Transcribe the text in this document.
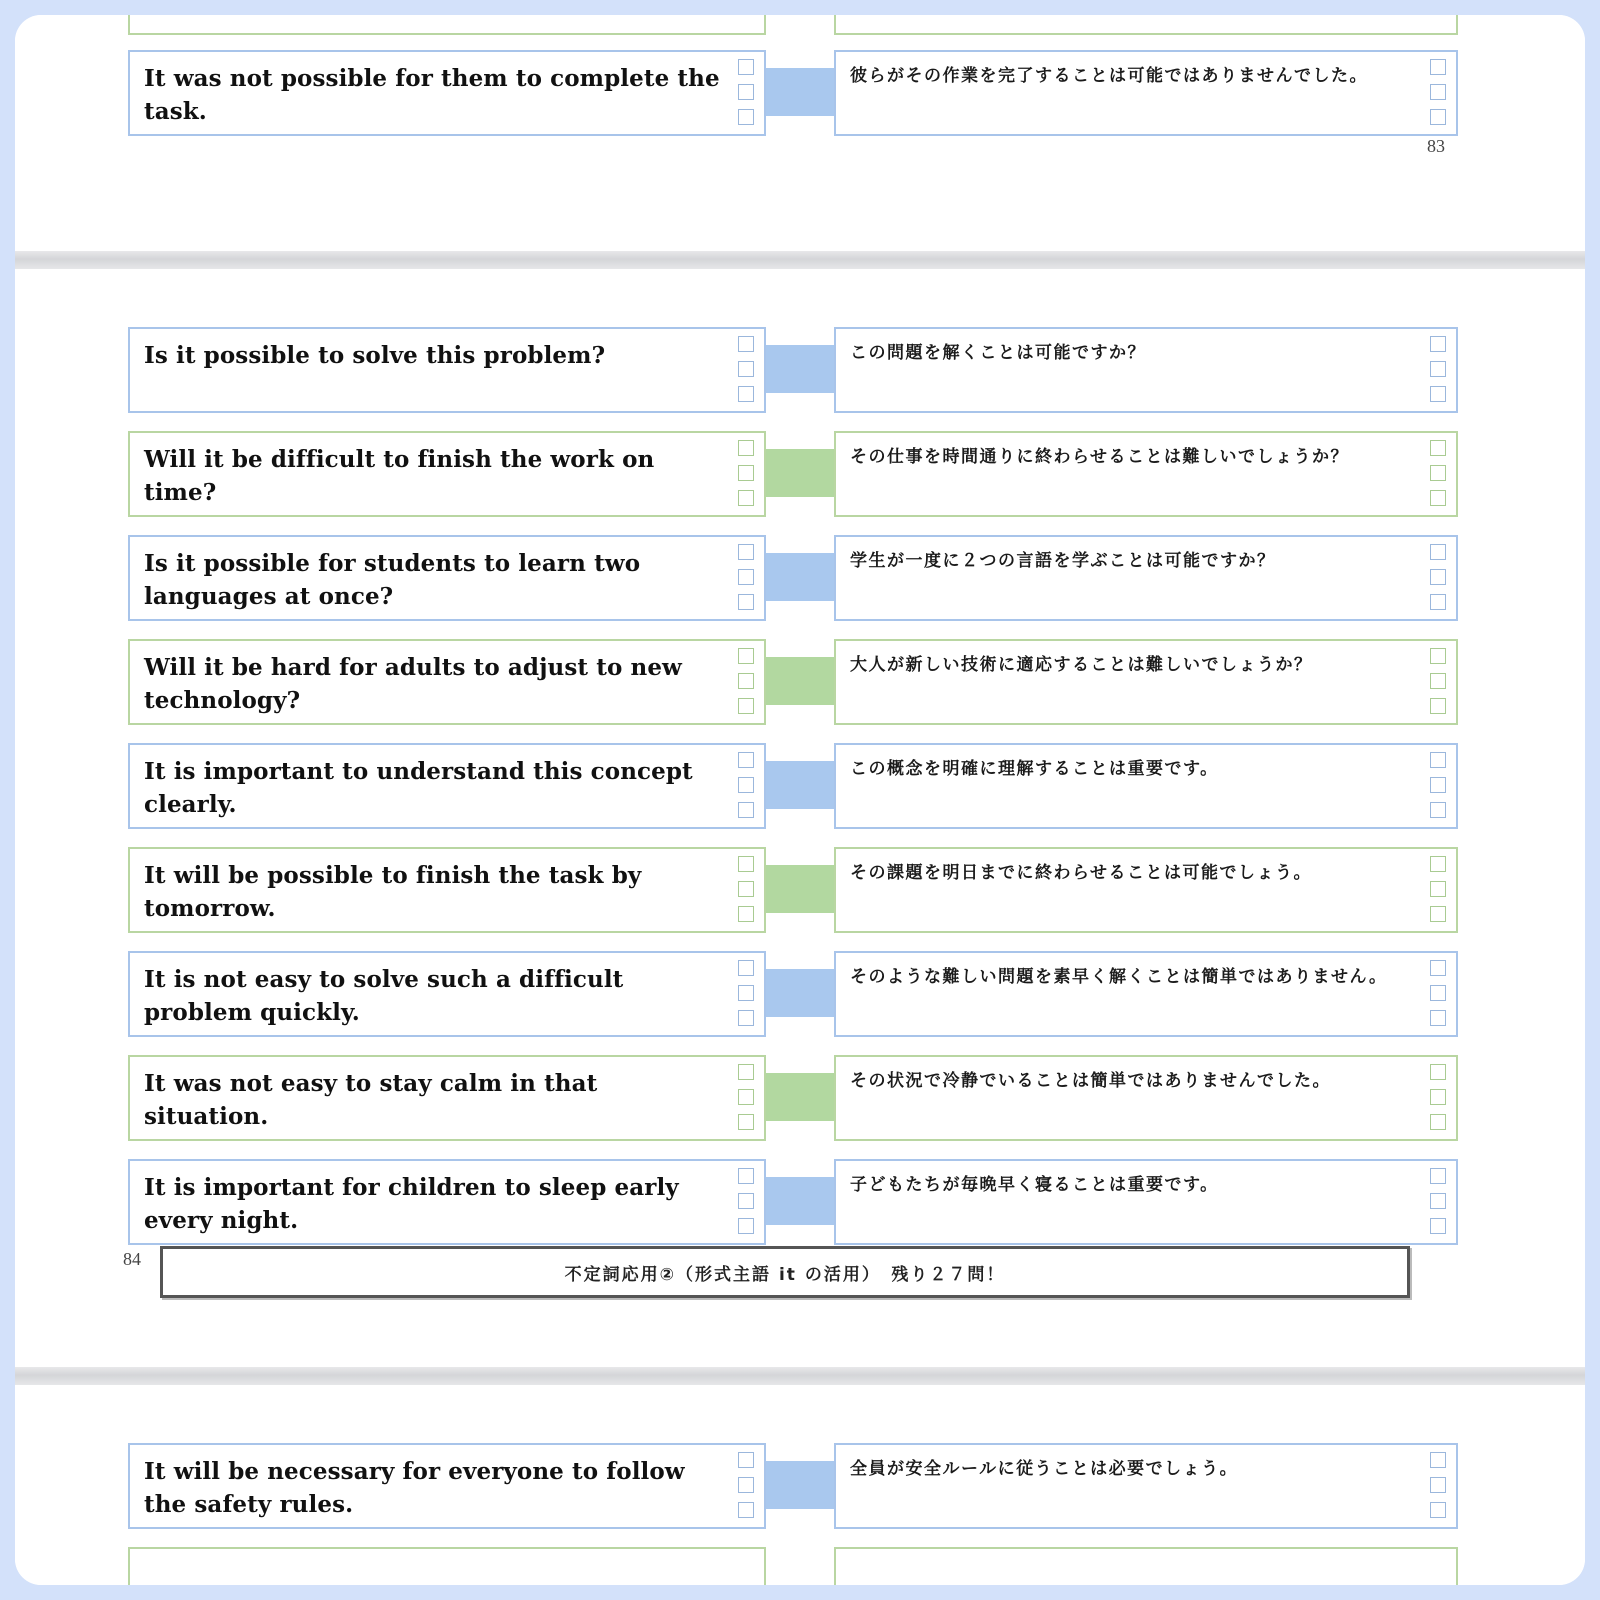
It was not possible for them to complete the task.
彼らがその作業を完了することは可能ではありませんでした。
83
Is it possible to solve this problem?	この問題を解くことは可能ですか？
Will it be difficult to finish the work on time?
その仕事を時間通りに終わらせることは難しいでしょうか？
Is it possible for students to learn two languages at once?
学生が一度に２つの言語を学ぶことは可能ですか？
Will it be hard for adults to adjust to new technology?
大人が新しい技術に適応することは難しいでしょうか？
It is important to understand this concept clearly.
この概念を明確に理解することは重要です。
It will be possible to finish the task by tomorrow.
その課題を明日までに終わらせることは可能でしょう。
It is not easy to solve such a difficult problem quickly.
そのような難しい問題を素早く解くことは簡単ではありません。
It was not easy to stay calm in that situation.
その状況で冷静でいることは簡単ではありませんでした。
It is important for children to sleep early every night.
子どもたちが毎晩早く寝ることは重要です。
84
不定詞応用②（形式主語 it の活用）　残り２７問！
It will be necessary for everyone to follow the safety rules.
全員が安全ルールに従うことは必要でしょう。
